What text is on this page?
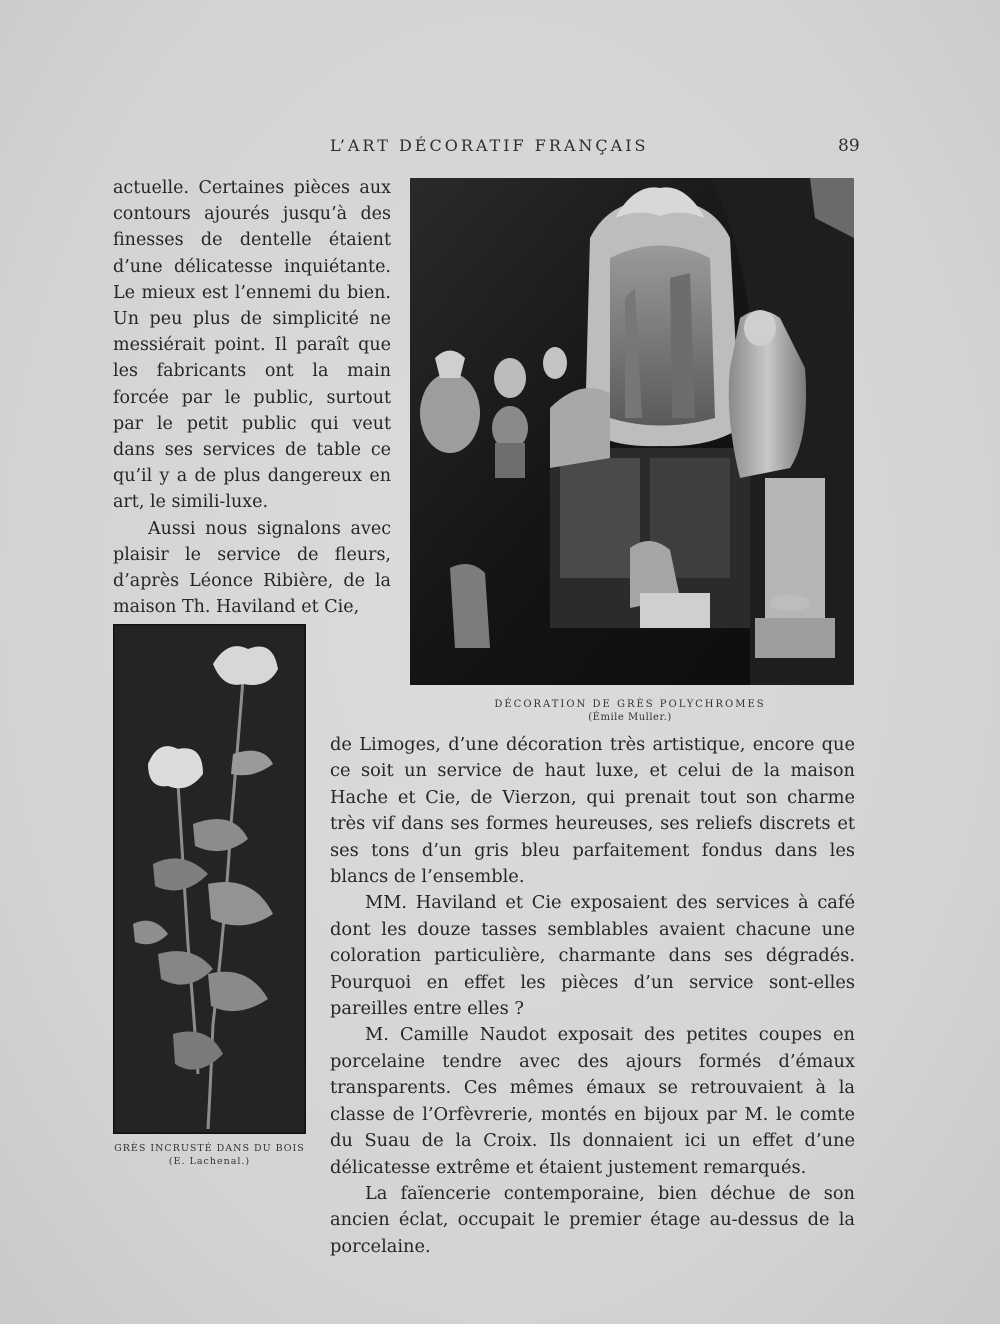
L’ART DÉCORATIF FRANÇAIS	89

actuelle. Certaines pièces aux contours ajourés jusqu’à des finesses de dentelle étaient d’une délicatesse inquiétante. Le mieux est l’ennemi du bien. Un peu plus de simplicité ne messiérait point. Il paraît que les fabricants ont la main forcée par le public, surtout par le petit public qui veut dans ses services de table ce qu’il y a de plus dangereux en art, le simili-luxe.

Aussi nous signalons avec plaisir le service de fleurs, d’après Léonce Ribière, de la maison Th. Haviland et Cie,

DÉCORATION DE GRÈS POLYCHROMES
(Émile Muller.)
GRÈS INCRUSTÉ DANS DU BOIS
(E. Lachenal.)

de Limoges, d’une décoration très artistique, encore que ce soit un service de haut luxe, et celui de la maison Hache et Cie, de Vierzon, qui prenait tout son charme très vif dans ses formes heureuses, ses reliefs discrets et ses tons d’un gris bleu parfaitement fondus dans les blancs de l’ensemble.

MM. Haviland et Cie exposaient des services à café dont les douze tasses semblables avaient chacune une coloration particulière, charmante dans ses dégradés. Pourquoi en effet les pièces d’un service sont-elles pareilles entre elles ?

M. Camille Naudot exposait des petites coupes en porcelaine tendre avec des ajours formés d’émaux transparents. Ces mêmes émaux se retrouvaient à la classe de l’Orfèvrerie, montés en bijoux par M. le comte du Suau de la Croix. Ils donnaient ici un effet d’une délicatesse extrême et étaient justement remarqués.

La faïencerie contemporaine, bien déchue de son ancien éclat, occupait le premier étage au-dessus de la porcelaine.
